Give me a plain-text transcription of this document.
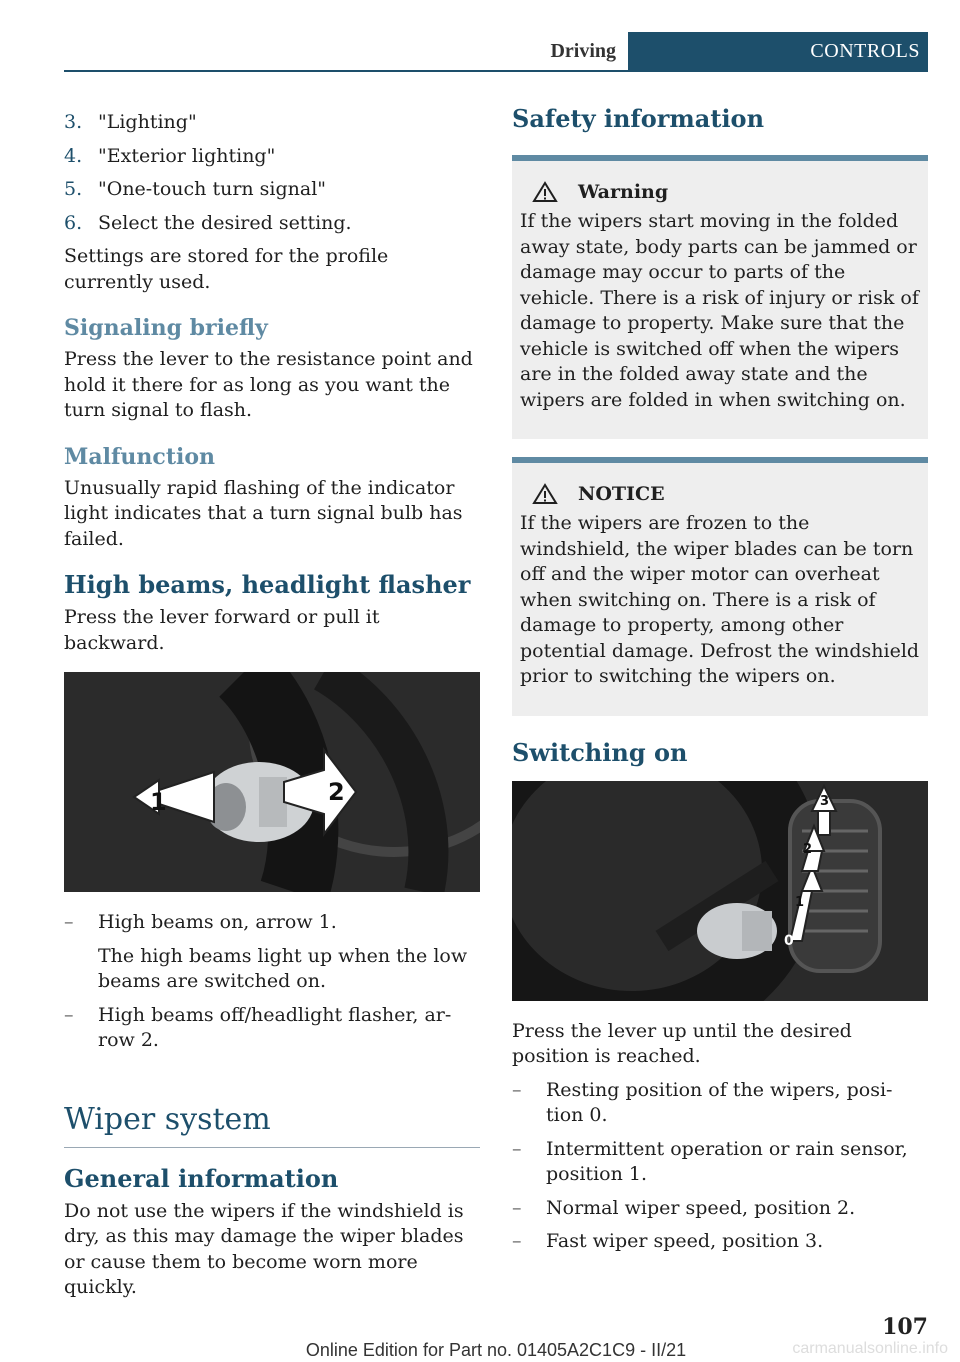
Driving	CONTROLS
3. "Lighting"
4. "Exterior lighting"
5. "One-touch turn signal"
6. Select the desired setting.

Settings are stored for the profile currently used.

Signaling briefly

Press the lever to the resistance point and hold it there for as long as you want the turn signal to flash.

Malfunction

Unusually rapid flashing of the indicator light indicates that a turn signal bulb has failed.

High beams, headlight flasher

Press the lever forward or pull it backward.

1	2
–	High beams on, arrow 1.
The high beams light up when the low beams are switched on.
–	High beams off/headlight flasher, ar‐ row 2.
Wiper system
General information

Do not use the wipers if the windshield is dry, as this may damage the wiper blades or cause them to become worn more quickly.

Safety information
Warning

If the wipers start moving in the folded away state, body parts can be jammed or damage may occur to parts of the vehicle. There is a risk of injury or risk of damage to property. Make sure that the vehicle is switched off when the wipers are in the folded away state and the wipers are folded in when switching on.

NOTICE

If the wipers are frozen to the windshield, the wiper blades can be torn off and the wiper motor can overheat when switching on. There is a risk of damage to property, among other potential damage. Defrost the windshield prior to switching the wipers on.

Switching on
0
1
2
3

Press the lever up until the desired position is reached.

–	Resting position of the wipers, posi‐ tion 0.
–	Intermittent operation or rain sensor, position 1.
–	Normal wiper speed, position 2.
–	Fast wiper speed, position 3.
107
Online Edition for Part no. 01405A2C1C9 - II/21	carmanualsonline.info
